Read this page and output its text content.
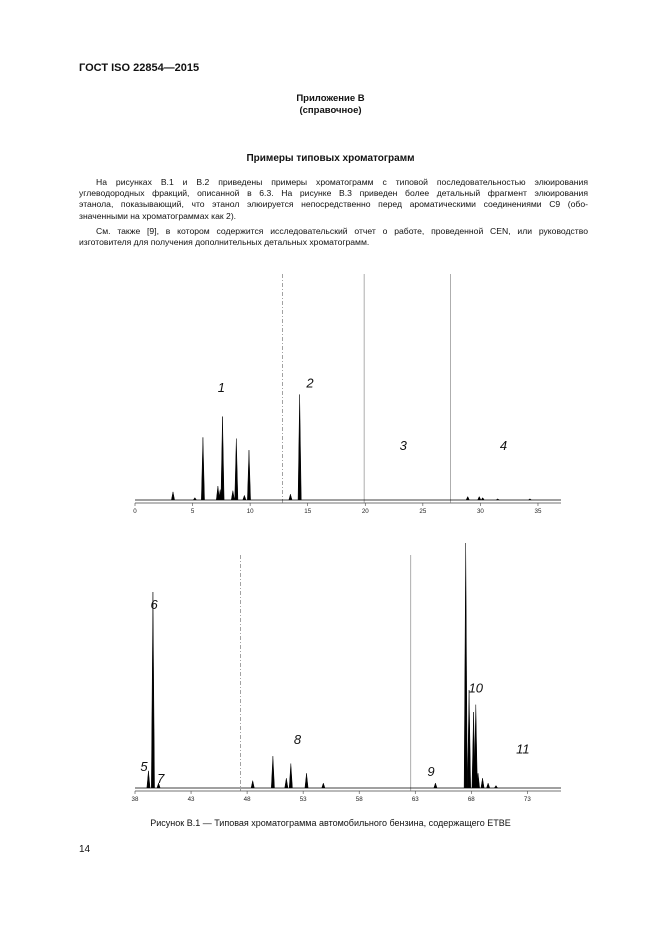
ГОСТ ISO 22854—2015
Приложение В
(справочное)
Примеры типовых хроматограмм

На рисунках В.1 и В.2 приведены примеры хроматограмм с типовой последовательностью элюирования

углеводородных фракций, описанной в 6.3. На рисунке В.3 приведен более детальный фрагмент элюирования
этанола, показывающий, что этанол элюируется непосредственно перед ароматическими соединениями С9 (обо-
значенными на хроматограммах как 2).

См. также [9], в котором содержится исследовательский отчет о работе, проведенной CEN, или руководство

изготовителя для получения дополнительных детальных хроматограмм.
0	5	10	15	20	25	30	35
1	2
3	4
38	43	48	53	58	63	68	73
5
6
7
8
9
10
11
Рисунок В.1 — Типовая хроматограмма автомобильного бензина, содержащего ЕТВЕ
14
